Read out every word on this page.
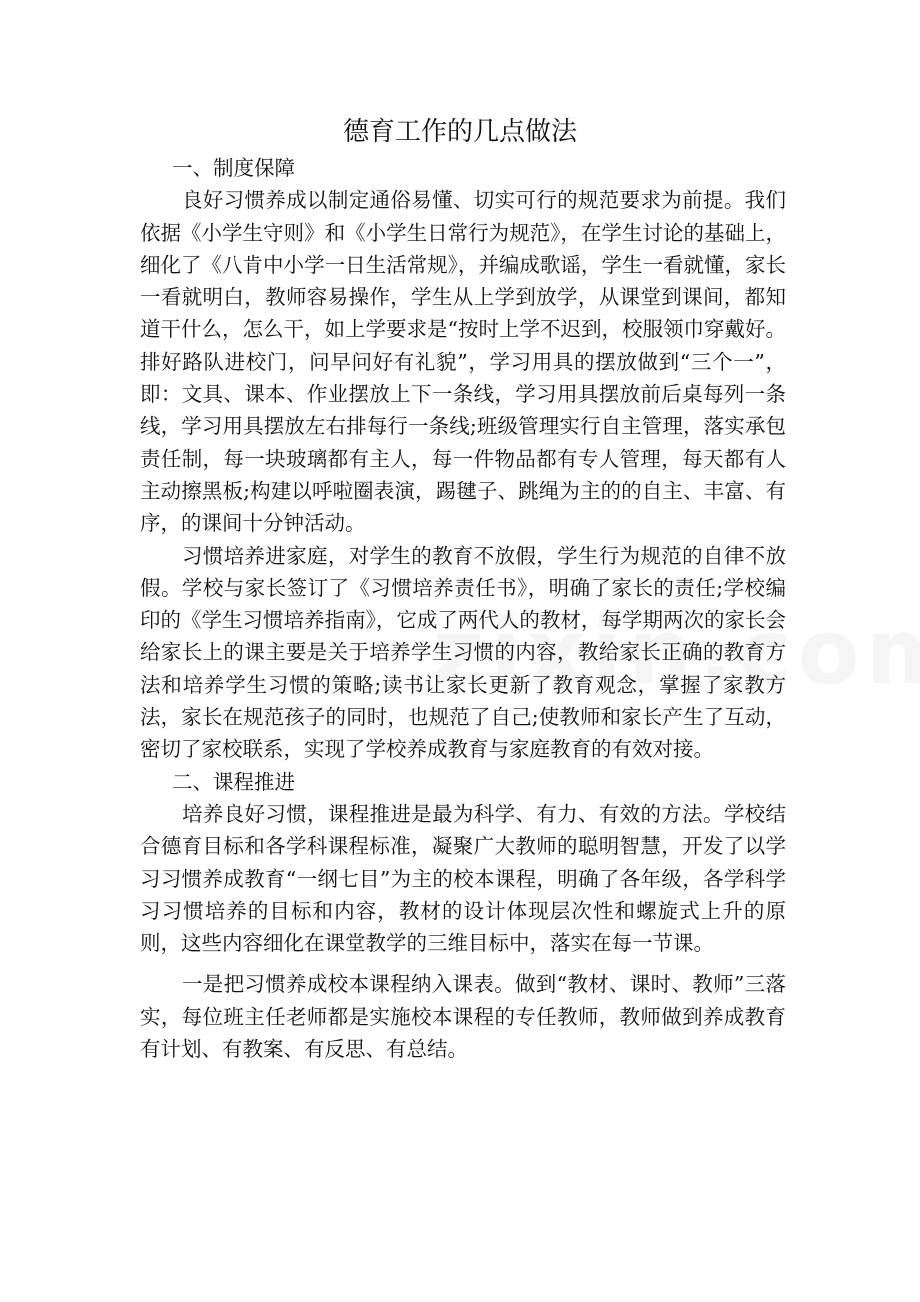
德育工作的几点做法

一、制度保障

良好习惯养成以制定通俗易懂、切实可行的规范要求为前提。我们依据《小学生守则》和《小学生日常行为规范》，在学生讨论的基础上，细化了《八肯中小学一日生活常规》，并编成歌谣，学生一看就懂，家长一看就明白，教师容易操作，学生从上学到放学，从课堂到课间，都知道干什么，怎么干，如上学要求是“按时上学不迟到，校服领巾穿戴好。排好路队进校门，问早问好有礼貌”，学习用具的摆放做到“三个一”，即：文具、课本、作业摆放上下一条线，学习用具摆放前后桌每列一条线，学习用具摆放左右排每行一条线;班级管理实行自主管理，落实承包责任制，每一块玻璃都有主人，每一件物品都有专人管理，每天都有人主动擦黑板;构建以呼啦圈表演，踢毽子、跳绳为主的的自主、丰富、有序，的课间十分钟活动。

习惯培养进家庭，对学生的教育不放假，学生行为规范的自律不放假。学校与家长签订了《习惯培养责任书》，明确了家长的责任;学校编印的《学生习惯培养指南》，它成了两代人的教材，每学期两次的家长会给家长上的课主要是关于培养学生习惯的内容，教给家长正确的教育方法和培养学生习惯的策略;读书让家长更新了教育观念，掌握了家教方法，家长在规范孩子的同时，也规范了自己;使教师和家长产生了互动，密切了家校联系，实现了学校养成教育与家庭教育的有效对接。

二、课程推进

培养良好习惯，课程推进是最为科学、有力、有效的方法。学校结合德育目标和各学科课程标准，凝聚广大教师的聪明智慧，开发了以学习习惯养成教育“一纲七目”为主的校本课程，明确了各年级，各学科学习习惯培养的目标和内容，教材的设计体现层次性和螺旋式上升的原则，这些内容细化在课堂教学的三维目标中，落实在每一节课。

一是把习惯养成校本课程纳入课表。做到“教材、课时、教师”三落实，每位班主任老师都是实施校本课程的专任教师，教师做到养成教育有计划、有教案、有反思、有总结。
